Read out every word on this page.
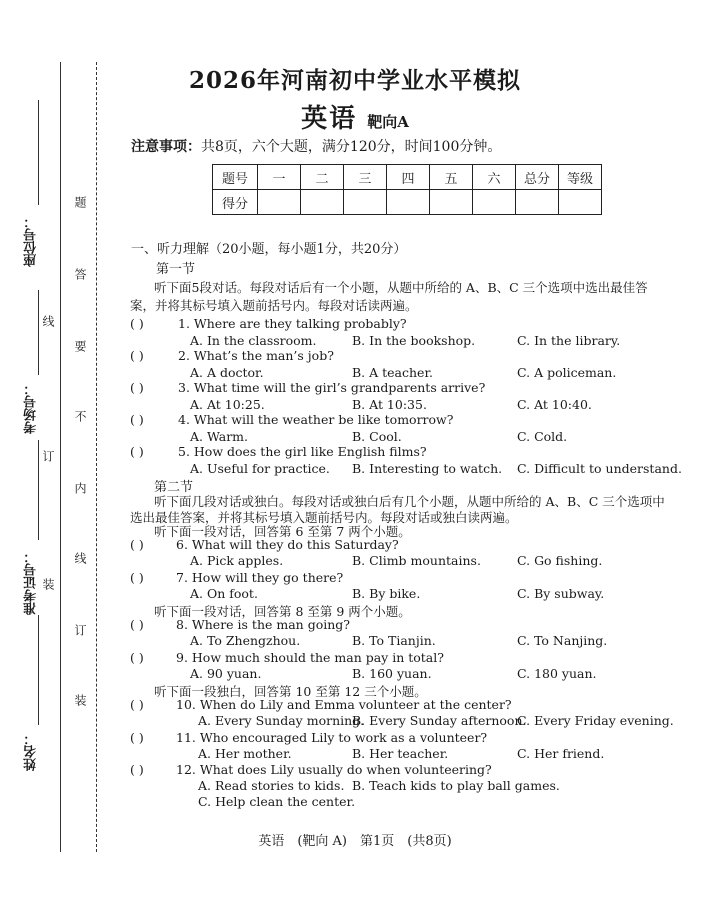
座位号：
考场号：
准考证号：
姓名：
题
答
要
不
内
线
订
装
线
订
装
2026年河南初中学业水平模拟
英语 靶向A
注意事项：共8页，六个大题，满分120分，时间100分钟。
题号	一	二	三	四	五	六	总分	等级
得分								
一、听力理解（20小题，每小题1分，共20分）
第一节
听下面5段对话。每段对话后有一个小题，从题中所给的 A、B、C 三个选项中选出最佳答
案，并将其标号填入题前括号内。每段对话读两遍。
( )	1. Where are they talking probably?
A. In the classroom.	B. In the bookshop.	C. In the library.
( )	2. What’s the man’s job?
A. A doctor.	B. A teacher.	C. A policeman.
( )	3. What time will the girl’s grandparents arrive?
A. At 10:25.	B. At 10:35.	C. At 10:40.
( )	4. What will the weather be like tomorrow?
A. Warm.	B. Cool.	C. Cold.
( )	5. How does the girl like English films?
A. Useful for practice. B. Interesting to watch. C. Difficult to understand.
( )	6. What will they do this Saturday?
A. Pick apples.	B. Climb mountains.	C. Go fishing.
( )	7. How will they go there?
A. On foot.	B. By bike.	C. By subway.
( )	8. Where is the man going?
A. To Zhengzhou.	B. To Tianjin.	C. To Nanjing.
( )	9. How much should the man pay in total?
A. 90 yuan.	B. 160 yuan.	C. 180 yuan.
( )	10. When do Lily and Emma volunteer at the center?
A. Every Sunday morning.
B. Every Sunday afternoon.
C. Every Friday evening.
( )	11. Who encouraged Lily to work as a volunteer?
A. Her mother.	B. Her teacher.	C. Her friend.
( )	12. What does Lily usually do when volunteering?
A. Read stories to kids. B. Teach kids to play ball games.
C. Help clean the center.
第二节
听下面几段对话或独白。每段对话或独白后有几个小题，从题中所给的 A、B、C 三个选项中
选出最佳答案，并将其标号填入题前括号内。每段对话或独白读两遍。
听下面一段对话，回答第 6 至第 7 两个小题。
听下面一段对话，回答第 8 至第 9 两个小题。
听下面一段独白，回答第 10 至第 12 三个小题。
英语　(靶向 A)　第1页　(共8页)
